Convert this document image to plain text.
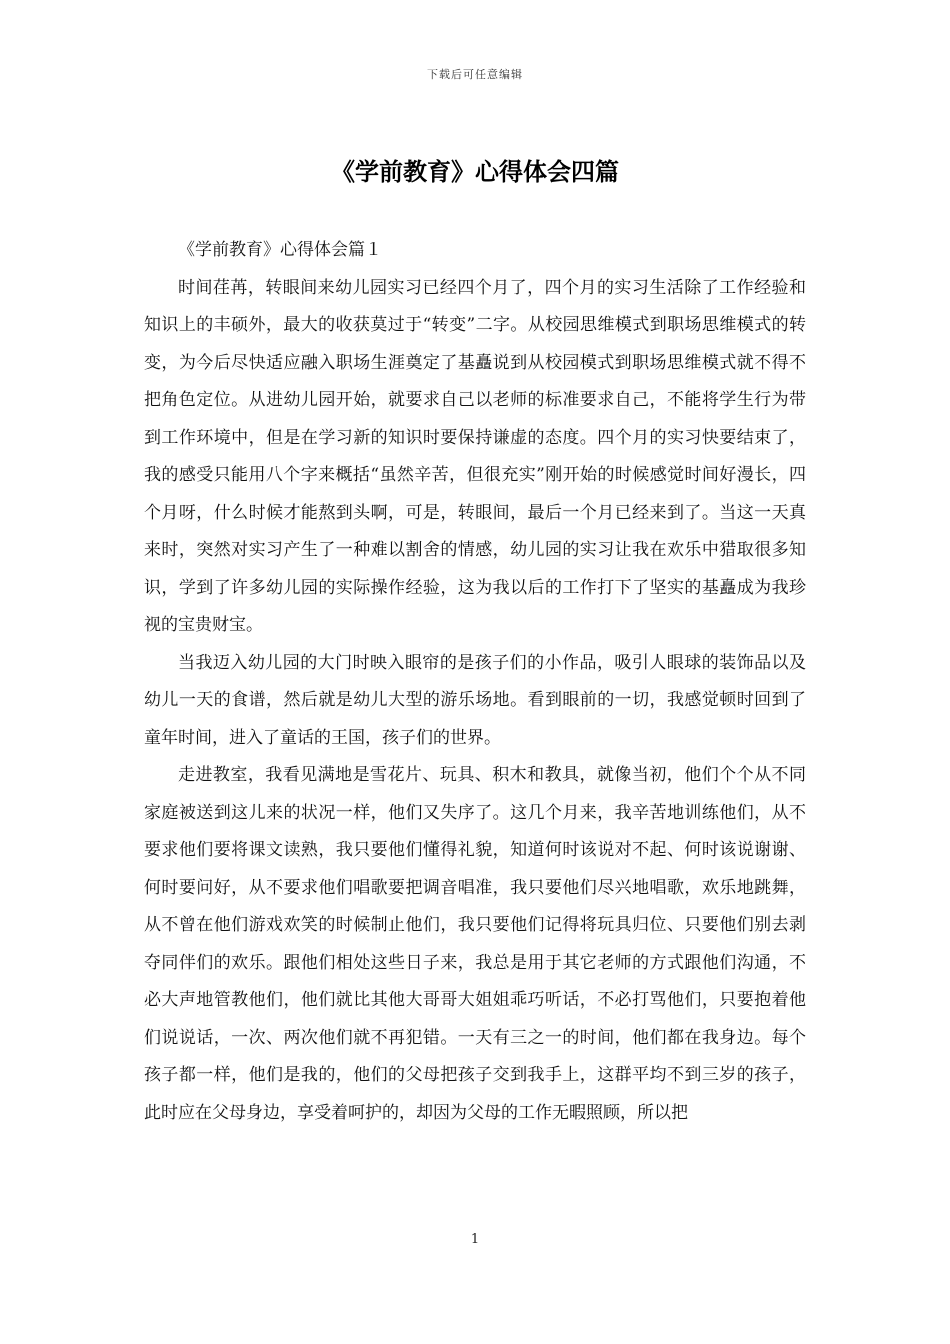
下载后可任意编辑
《学前教育》心得体会四篇

《学前教育》心得体会篇１

时间荏苒，转眼间来幼儿园实习已经四个月了，四个月的实习生活除了工作经验和知识上的丰硕外，最大的收获莫过于“转变”二字。从校园思维模式到职场思维模式的转变，为今后尽快适应融入职场生涯奠定了基矗说到从校园模式到职场思维模式就不得不把角色定位。从进幼儿园开始，就要求自己以老师的标准要求自己，不能将学生行为带到工作环境中，但是在学习新的知识时要保持谦虚的态度。四个月的实习快要结束了，我的感受只能用八个字来概括“虽然辛苦，但很充实”刚开始的时候感觉时间好漫长，四个月呀，什么时候才能熬到头啊，可是，转眼间，最后一个月已经来到了。当这一天真来时，突然对实习产生了一种难以割舍的情感，幼儿园的实习让我在欢乐中猎取很多知识，学到了许多幼儿园的实际操作经验，这为我以后的工作打下了坚实的基矗成为我珍视的宝贵财宝。

当我迈入幼儿园的大门时映入眼帘的是孩子们的小作品，吸引人眼球的装饰品以及幼儿一天的食谱，然后就是幼儿大型的游乐场地。看到眼前的一切，我感觉顿时回到了童年时间，进入了童话的王国，孩子们的世界。

走进教室，我看见满地是雪花片、玩具、积木和教具，就像当初，他们个个从不同家庭被送到这儿来的状况一样，他们又失序了。这几个月来，我辛苦地训练他们，从不要求他们要将课文读熟，我只要他们懂得礼貌，知道何时该说对不起、何时该说谢谢、何时要问好，从不要求他们唱歌要把调音唱准，我只要他们尽兴地唱歌，欢乐地跳舞，从不曾在他们游戏欢笑的时候制止他们，我只要他们记得将玩具归位、只要他们别去剥夺同伴们的欢乐。跟他们相处这些日子来，我总是用于其它老师的方式跟他们沟通，不必大声地管教他们，他们就比其他大哥哥大姐姐乖巧听话，不必打骂他们，只要抱着他们说说话，一次、两次他们就不再犯错。一天有三之一的时间，他们都在我身边。每个孩子都一样，他们是我的，他们的父母把孩子交到我手上，这群平均不到三岁的孩子，此时应在父母身边，享受着呵护的，却因为父母的工作无暇照顾，所以把

1
